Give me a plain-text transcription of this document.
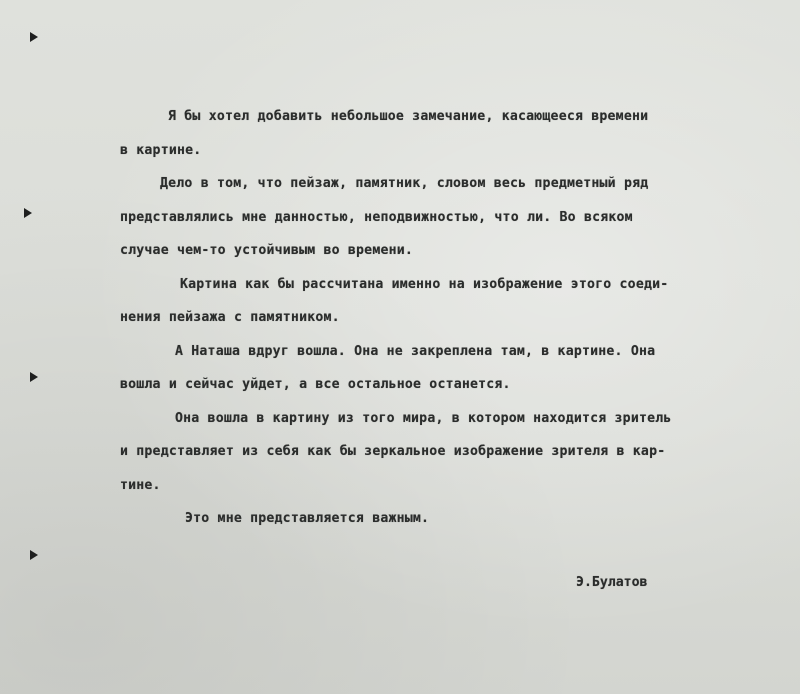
Я бы хотел добавить небольшое замечание, касающееся времени
в картине.
Дело в том, что пейзаж, памятник, словом весь предметный ряд
представлялись мне данностью, неподвижностью, что ли. Во всяком
случае чем-то устойчивым во времени.
Картина как бы рассчитана именно на изображение этого соеди-
нения пейзажа с памятником.
А Наташа вдруг вошла. Она не закреплена там, в картине. Она
вошла и сейчас уйдет, а все остальное останется.
Она вошла в картину из того мира, в котором находится зритель
и представляет из себя как бы зеркальное изображение зрителя в кар-
тине.
Это мне представляется важным.
Э.Булатов
